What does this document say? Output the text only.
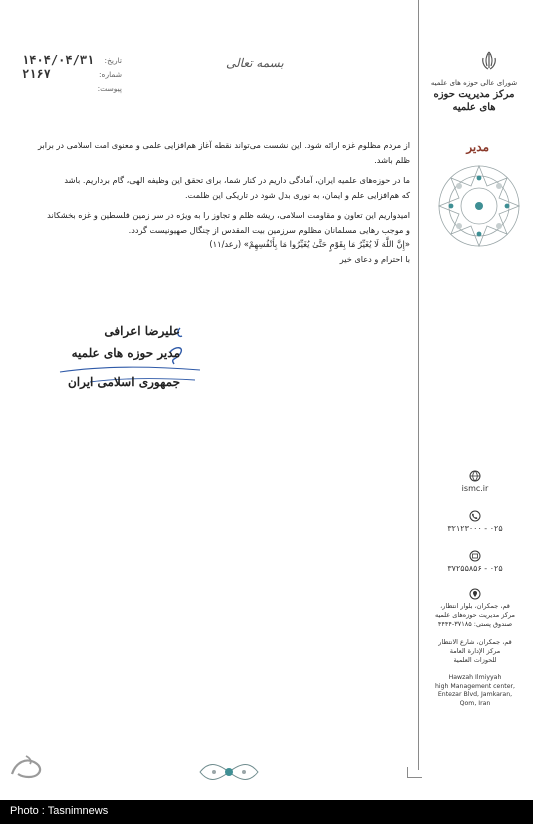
بسمه تعالی
تاریخ:
۱۴۰۴/۰۴/۳۱
شماره:
۲۱۶۷
پیوست:
شورای عالی حوزه های علمیه
مرکز مدیریت حوزه های علمیه
مدیر
ismc.ir
۰۲۵ - ۳۲۱۲۳۰۰۰
۰۲۵ - ۳۷۲۵۵۸۵۶
قم، جمکران، بلوار انتظار،
مرکز مدیریت حوزه‌های علمیه
صندوق پستی: ۳۷۱۸۵-۴۴۴۴
قم، جمکران، شارع الانتظار
مرکز الإدارة العامة
للحوزات العلمیة
Hawzah Ilmiyyah
high Management center,
Entezar Blvd, Jamkaran,
Qom, Iran

از مردم مظلوم غزه ارائه شود. این نشست می‌تواند نقطه آغاز هم‌افزایی علمی و معنوی امت اسلامی در برابر

ظلم باشد.

ما در حوزه‌های علمیه ایران، آمادگی داریم در کنار شما، برای تحقق این وظیفه الهی، گام برداریم. باشد

که هم‌افزایی علم و ایمان، به نوری بدل شود در تاریکی این ظلمت.

امیدواریم این تعاون و مقاومت اسلامی، ریشه ظلم و تجاوز را به ویژه در سر زمین فلسطین و غزه بخشکاند

و موجب رهایی مسلمانان مظلوم سرزمین بیت المقدس از چنگال صهیونیست گردد.

«إِنَّ اللَّهَ لَا یُغَیِّرُ مَا بِقَوْمٍ حَتَّىٰ یُغَیِّرُوا مَا بِأَنْفُسِهِمْ» (رعد/۱۱)

با احترام و دعای خیر

علیرضا اعرافی
مدیر حوزه های علمیه
جمهوری اسلامی ایران
Photo : Tasnimnews
